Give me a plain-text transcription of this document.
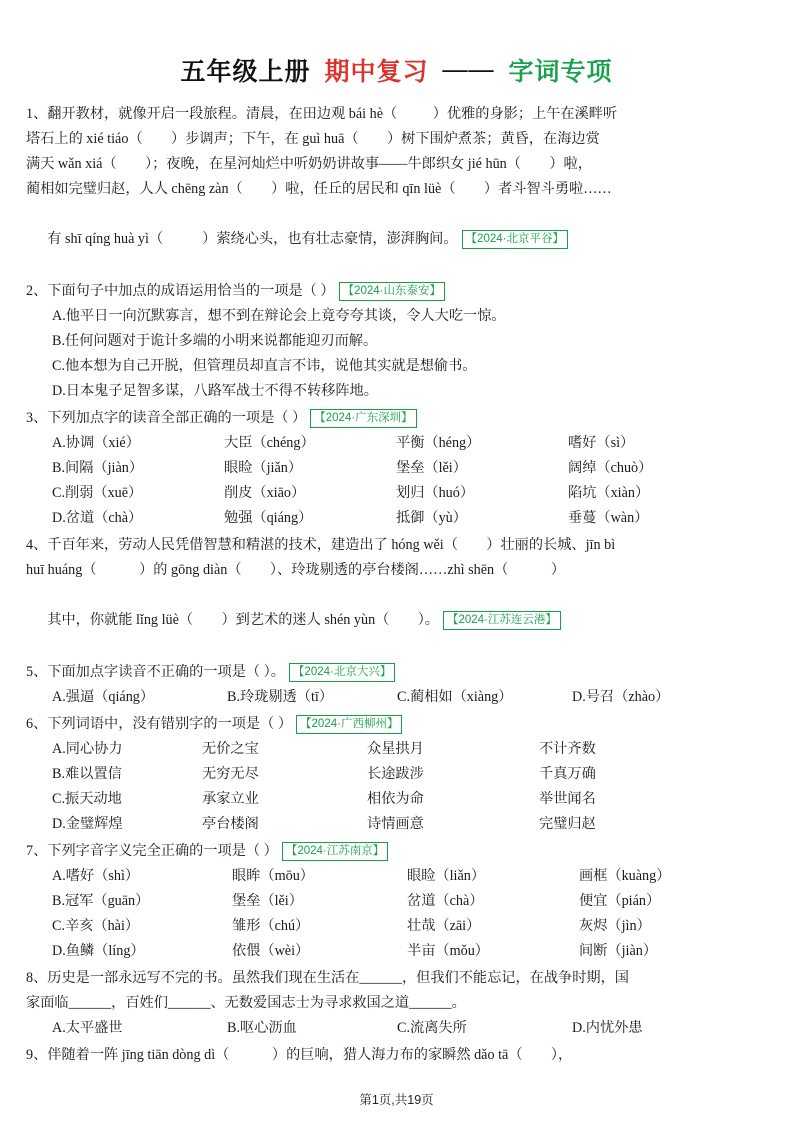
五年级上册 期中复习 —— 字词专项
1、翻开教材，就像开启一段旅程。清晨，在田边观 bái hè（          ）优雅的身影；上午在溪畔听
塔石上的 xié tiáo（        ）步调声；下午，在 guì huā（        ）树下围炉煮茶；黄昏，在海边赏
满天 wǎn xiá（        ）；夜晚，在星河灿烂中听奶奶讲故事——牛郎织女 jié hūn（        ）啦，
蔺相如完璧归赵，人人 chēng zàn（        ）啦，任丘的居民和 qīn lüè（        ）者斗智斗勇啦……

有 shī qíng huà yì（           ）萦绕心头，也有壮志豪情，澎湃胸间。 【2024·北京平谷】

2、下面句子中加点的成语运用恰当的一项是（ ） 【2024·山东泰安】
A.他平日一向沉默寡言，想不到在辩论会上竟夸夸其谈，令人大吃一惊。
B.任何问题对于诡计多端的小明来说都能迎刃而解。
C.他本想为自己开脱，但管理员却直言不讳，说他其实就是想偷书。
D.日本鬼子足智多谋，八路军战士不得不转移阵地。
3、下列加点字的读音全部正确的一项是（ ） 【2024·广东深圳】
A.协调（xié）	大臣（chéng）	平衡（héng）	嗜好（sì）
B.间隔（jiàn）	眼睑（jiǎn）	堡垒（lěi）	阔绰（chuò）
C.削弱（xuē）	削皮（xiāo）	划归（huó）	陷坑（xiàn）
D.岔道（chà）	勉强（qiáng）	抵御（yù）	垂蔓（wàn）
4、千百年来，劳动人民凭借智慧和精湛的技术，建造出了 hóng wěi（        ）壮丽的长城、jīn bì
huī huáng（            ）的 gōng diàn（        ）、玲珑剔透的亭台楼阁……zhì shēn（            ）

其中，你就能 lǐng lüè（        ）到艺术的迷人 shén yùn（        ）。 【2024·江苏连云港】

5、下面加点字读音不正确的一项是（ ）。 【2024·北京大兴】
A.强逼（qiáng）	B.玲珑剔透（tī）	C.蔺相如（xiàng）	D.号召（zhào）
6、下列词语中，没有错别字的一项是（ ） 【2024·广西柳州】
A.同心协力	无价之宝	众星拱月	不计齐数
B.难以置信	无穷无尽	长途跋涉	千真万确
C.振天动地	承家立业	相依为命	举世闻名
D.金璧辉煌	亭台楼阁	诗情画意	完璧归赵
7、下列字音字义完全正确的一项是（ ） 【2024·江苏南京】
A.嗜好（shì）	眼眸（mōu）	眼睑（liǎn）	画框（kuàng）
B.冠军（guān）	堡垒（lěi）	岔道（chà）	便宜（pián）
C.辛亥（hài）	雏形（chú）	壮哉（zāi）	灰烬（jìn）
D.鱼鳞（líng）	依偎（wèi）	半亩（mǒu）	间断（jiàn）
8、历史是一部永远写不完的书。虽然我们现在生活在______，但我们不能忘记，在战争时期，国
家面临______，百姓们______、无数爱国志士为寻求救国之道______。
A.太平盛世	B.呕心沥血	C.流离失所	D.内忧外患
9、伴随着一阵 jīng tiān dòng dì（            ）的巨响，猎人海力布的家瞬然 dǎo tā（        ），
第1页,共19页
